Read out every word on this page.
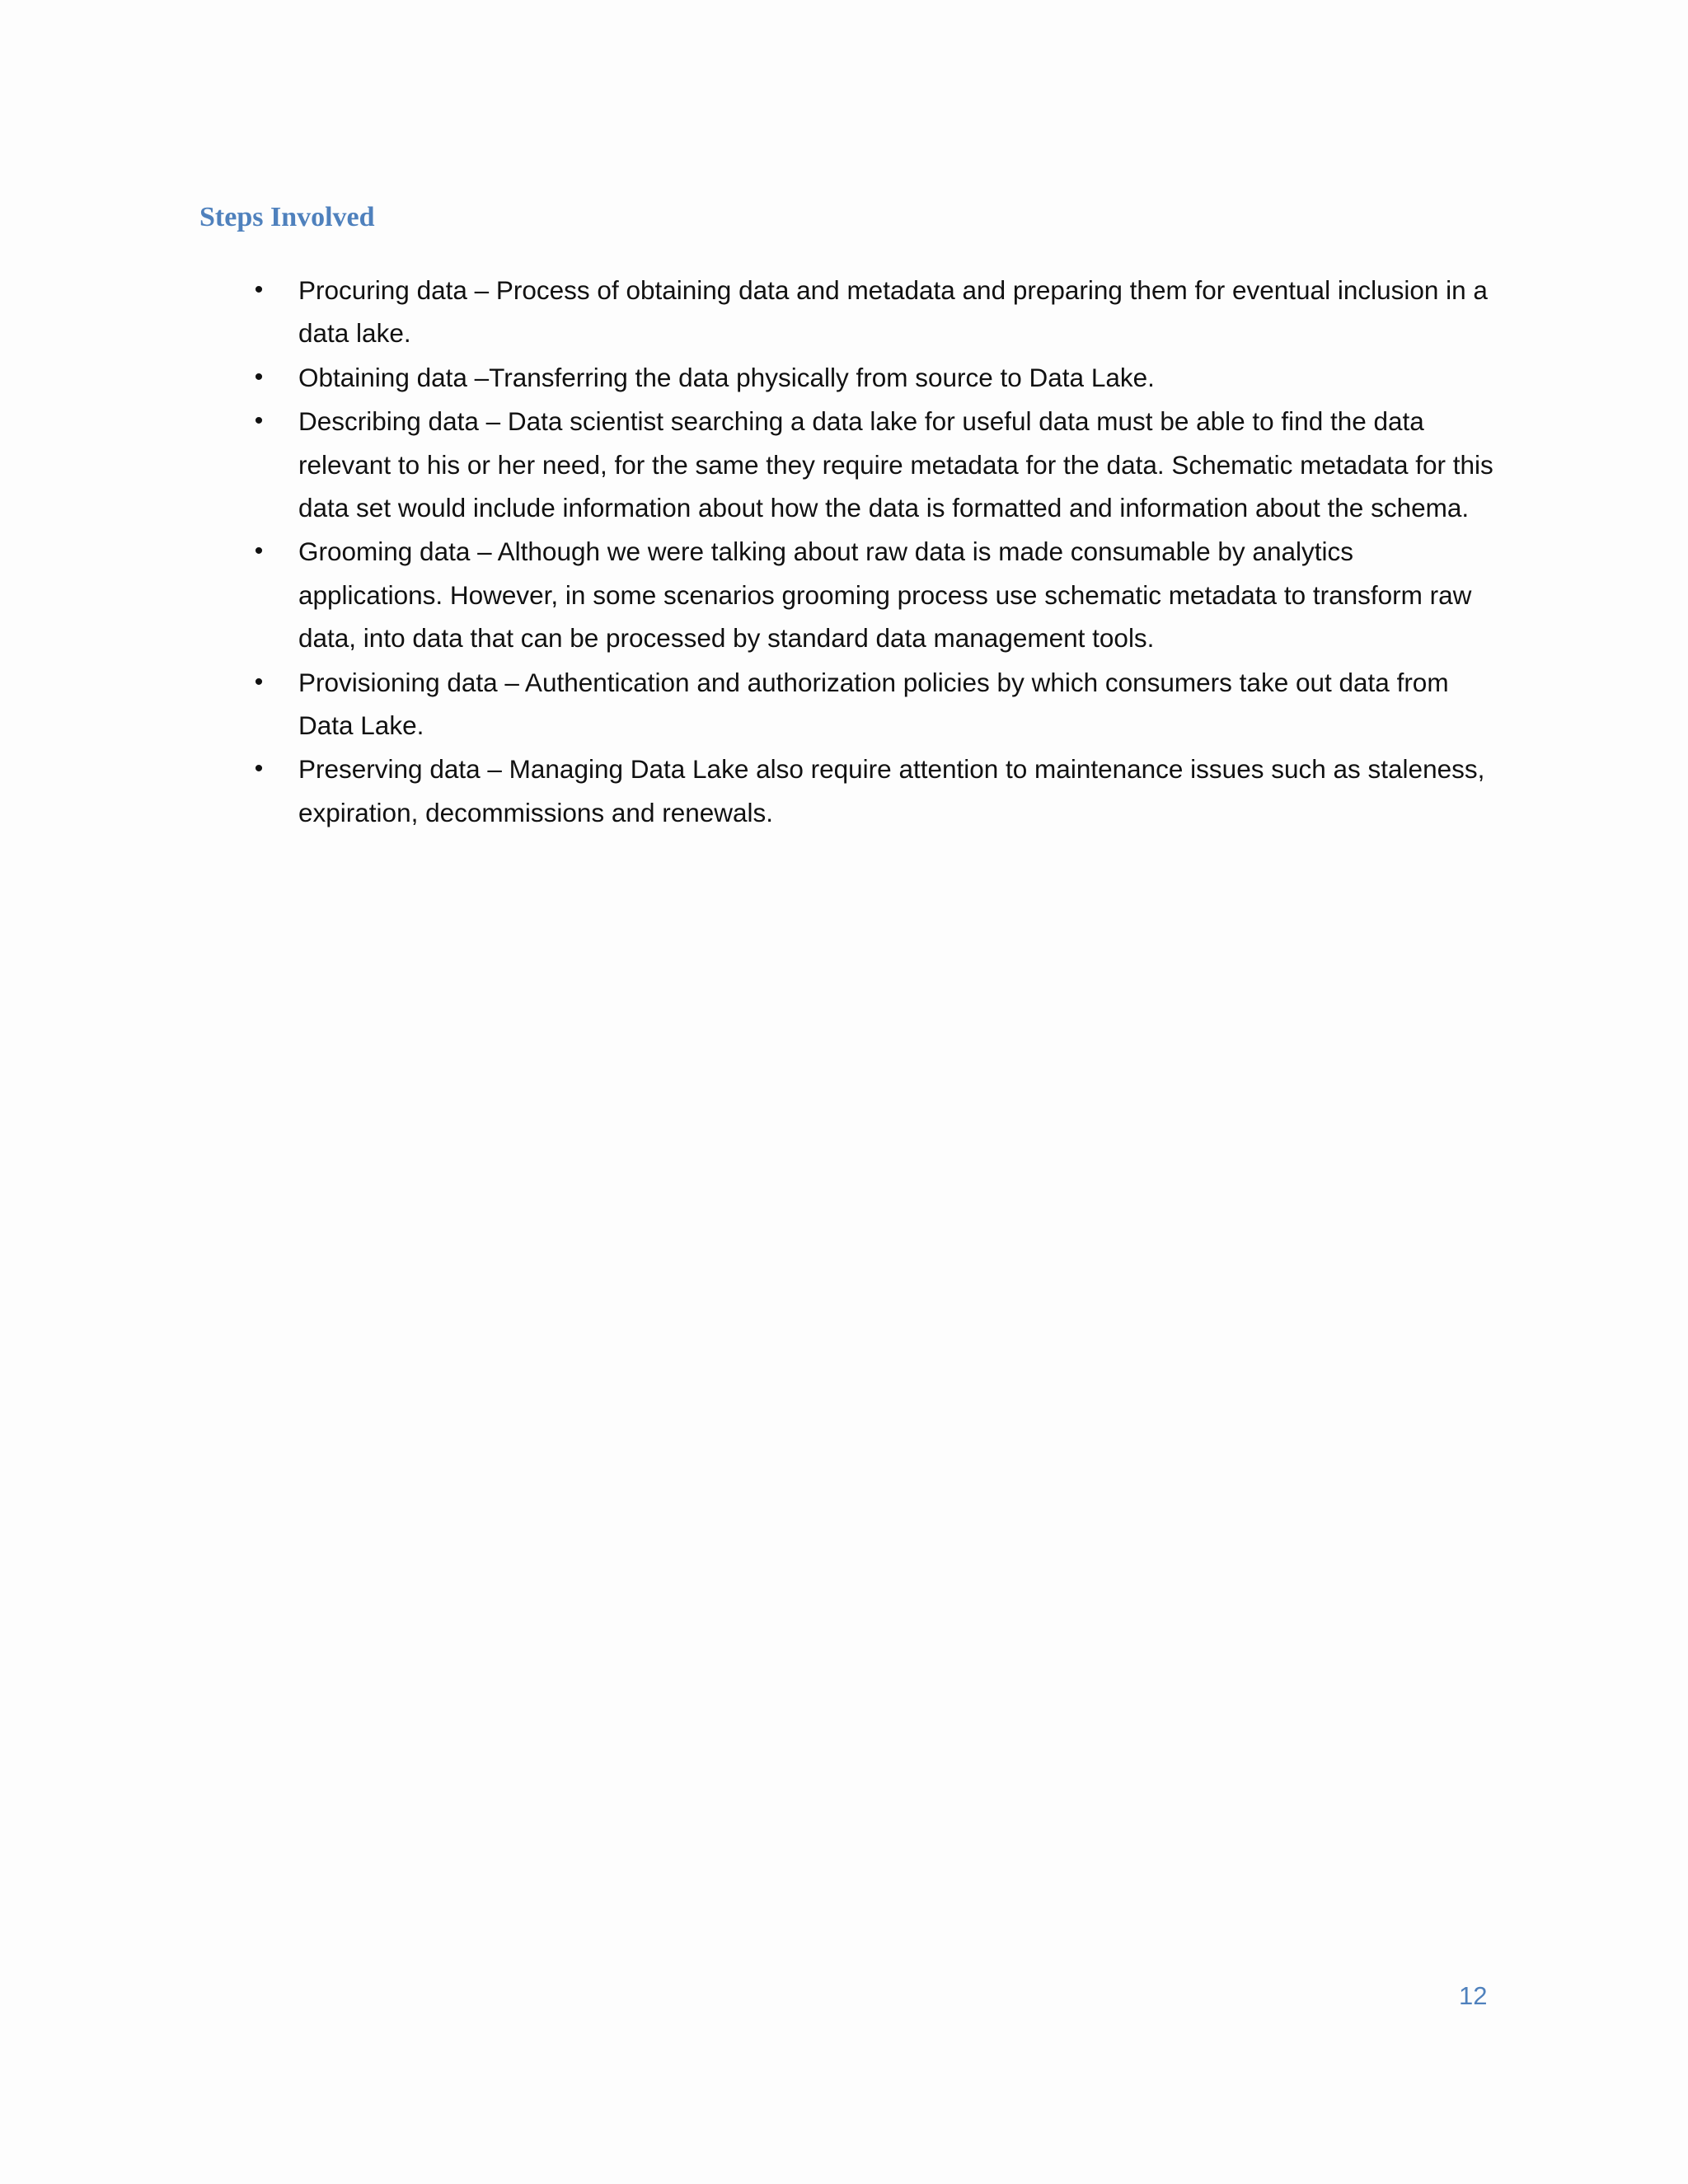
Steps Involved
• Procuring data – Process of obtaining data and metadata and preparing them for eventual inclusion in a data lake.
• Obtaining data –Transferring the data physically from source to Data Lake.
• Describing data – Data scientist searching a data lake for useful data must be able to find the data relevant to his or her need, for the same they require metadata for the data. Schematic metadata for this data set would include information about how the data is formatted and information about the schema.
• Grooming data – Although we were talking about raw data is made consumable by analytics applications. However, in some scenarios grooming process use schematic metadata to transform raw data, into data that can be processed by standard data management tools.
• Provisioning data – Authentication and authorization policies by which consumers take out data from Data Lake.
• Preserving data – Managing Data Lake also require attention to maintenance issues such as staleness, expiration, decommissions and renewals.
12
